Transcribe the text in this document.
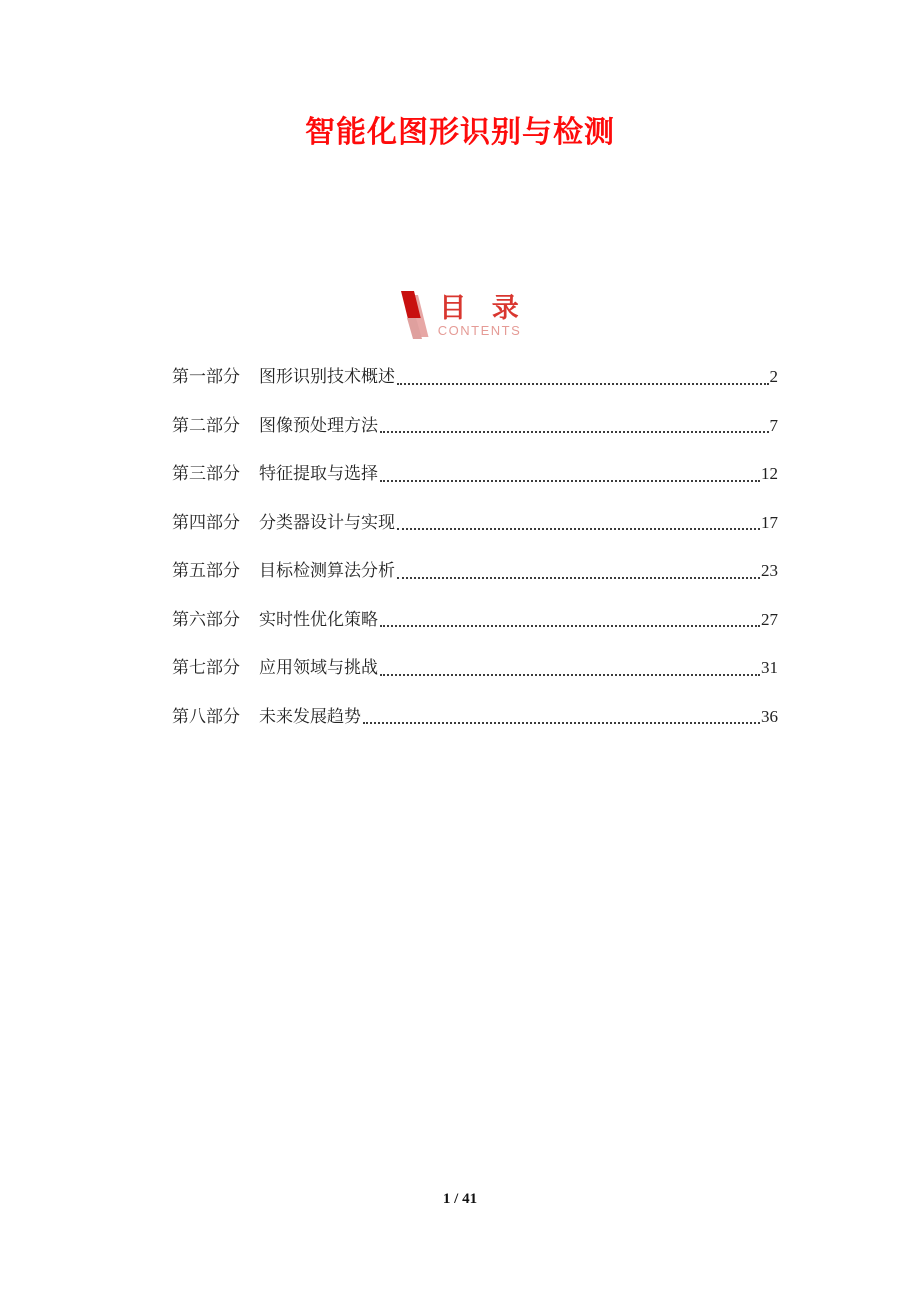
智能化图形识别与检测
目 录
CONTENTS
第一部分 图形识别技术概述	2
第二部分 图像预处理方法	7
第三部分 特征提取与选择	12
第四部分 分类器设计与实现	17
第五部分 目标检测算法分析	23
第六部分 实时性优化策略	27
第七部分 应用领域与挑战	31
第八部分 未来发展趋势	36
1 / 41
